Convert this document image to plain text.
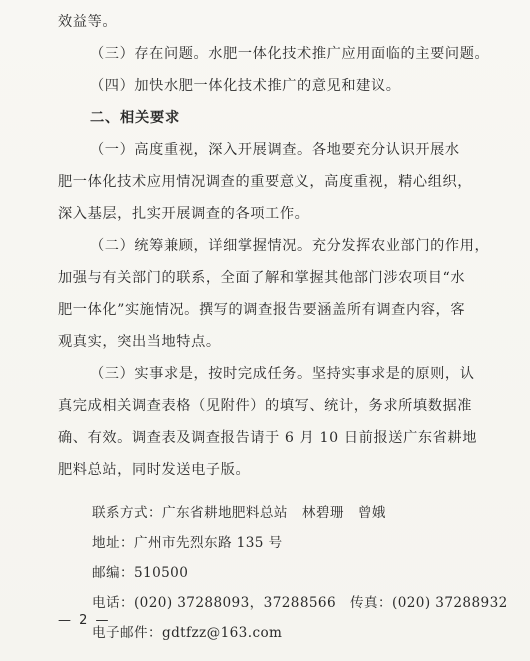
效益等。
（三）存在问题。水肥一体化技术推广应用面临的主要问题。
（四）加快水肥一体化技术推广的意见和建议。
二、相关要求
（一）高度重视，深入开展调查。各地要充分认识开展水
肥一体化技术应用情况调查的重要意义，高度重视，精心组织，
深入基层，扎实开展调查的各项工作。
（二）统筹兼顾，详细掌握情况。充分发挥农业部门的作用，
加强与有关部门的联系，全面了解和掌握其他部门涉农项目“水
肥一体化”实施情况。撰写的调查报告要涵盖所有调查内容，客
观真实，突出当地特点。
（三）实事求是，按时完成任务。坚持实事求是的原则，认
真完成相关调查表格（见附件）的填写、统计，务求所填数据准
确、有效。调查表及调查报告请于 6 月 10 日前报送广东省耕地
肥料总站，同时发送电子版。
联系方式：广东省耕地肥料总站　林碧珊　曾娥
地址：广州市先烈东路 135 号
邮编：510500
电话：(020) 37288093，37288566　传真：(020) 37288932
电子邮件：gdtfzz@163.com
— 2 —
